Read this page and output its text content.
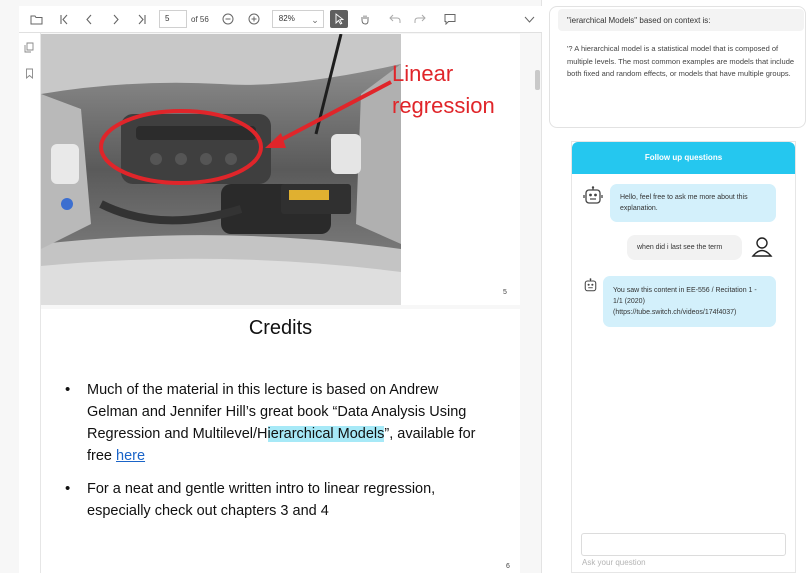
5	of 56	82% ⌄
Linear
regression
5
Credits
• Much of the material in this lecture is based on Andrew Gelman and Jennifer Hill’s great book “Data Analysis Using Regression and Multilevel/Hierarchical Models”, available for free here
• For a neat and gentle written intro to linear regression, especially check out chapters 3 and 4
6
"ierarchical Models" based on context is:
'? A hierarchical model is a statistical model that is composed of multiple levels. The most common examples are models that include both fixed and random effects, or models that have multiple groups.
Follow up questions
Hello, feel free to ask me more about this explanation.
when did i last see the term
You saw this content in EE-556 / Recitation 1 - 1/1 (2020) (https://tube.switch.ch/videos/174f4037)
Ask your question
